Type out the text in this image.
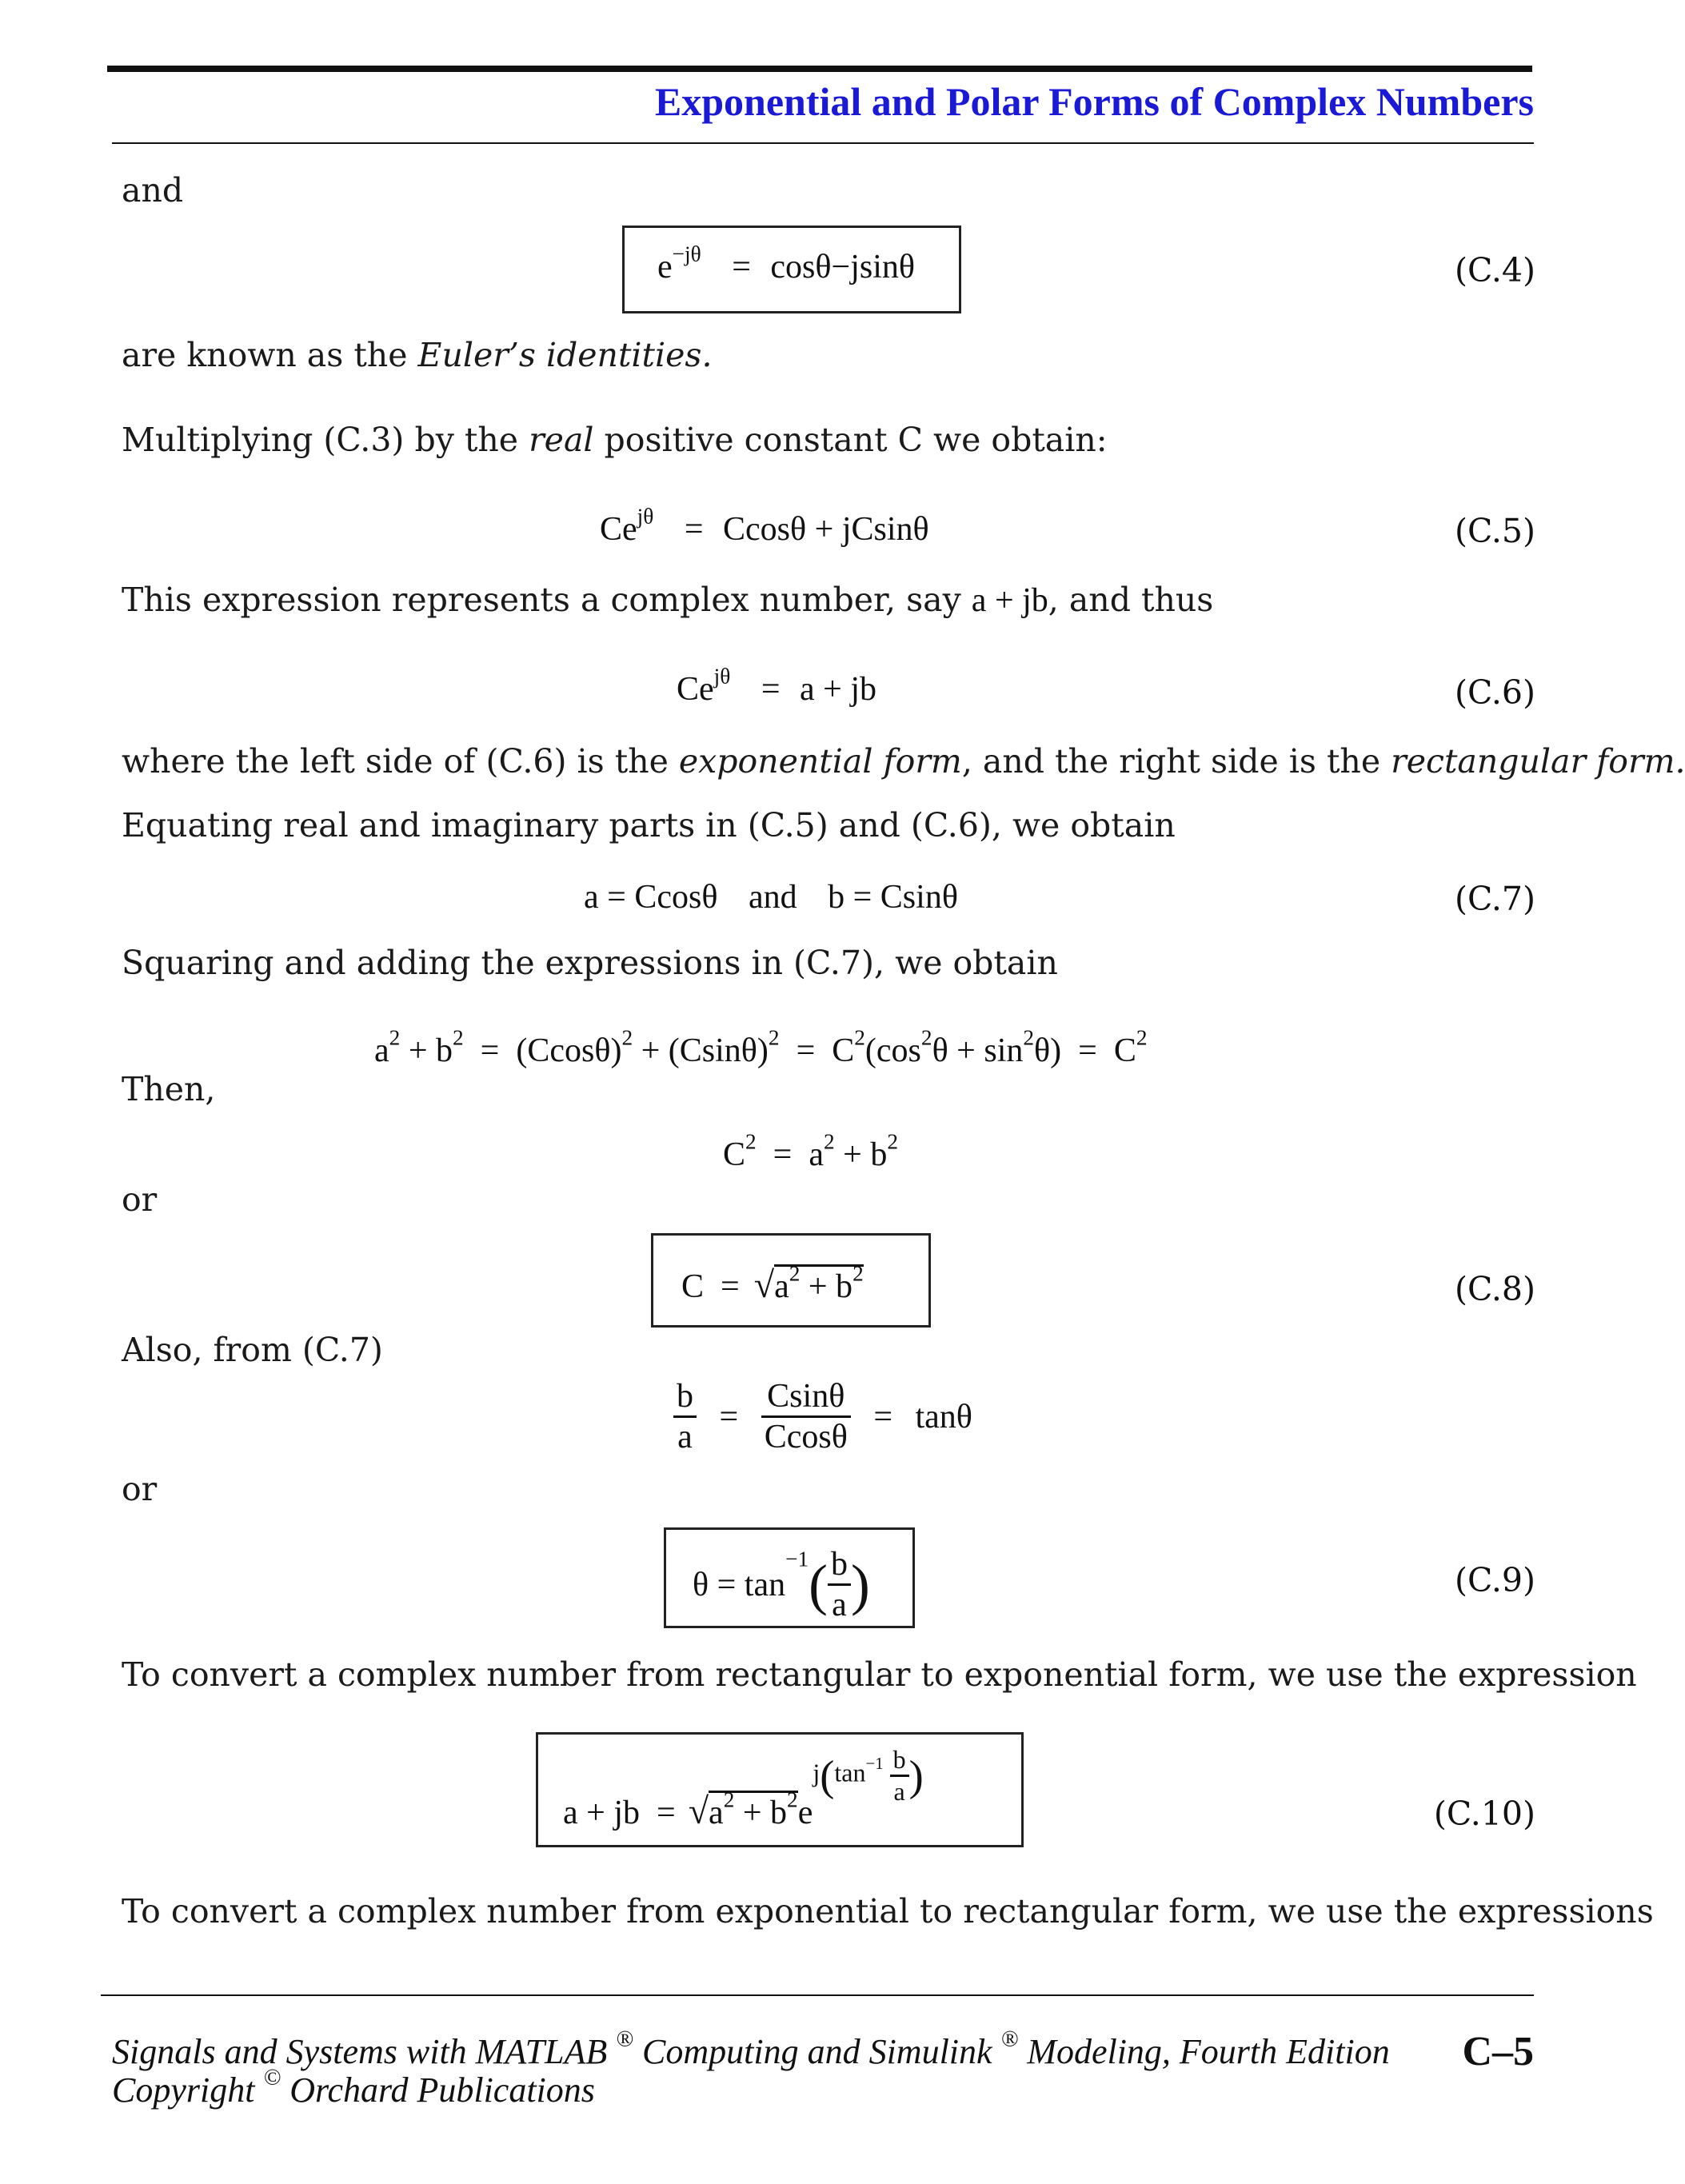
Exponential and Polar Forms of Complex Numbers
and
$e^{-j\theta} = \cos\theta-jsin\theta$	(C.4)
are known as the Euler’s identities.
Multiplying (C.3) by the real positive constant C we obtain:
$Ce^{j\theta} = Ccos\theta + jCsin\theta$	(C.5)
This expression represents a complex number, say a + jb, and thus
$Ce^{j\theta} = a$ + jb	(C.6)
where the left side of (C.6) is the exponential form, and the right side is the rectangular form.
Equating real and imaginary parts in (C.5) and (C.6), we obtain
a = Ccosθ and b = Csinθ	(C.7)
Squaring and adding the expressions in (C.7), we obtain
$a^2 + b^2 = (Ccos\theta)^2 + (Csin\theta)^2 = C^2(\cos^2\theta + \sin^2\theta) = C^2$
Then,
$C^2 = a^2 + b^2$
or
$C = √a^2 + b^2$	(C.8)
Also, from (C.7)
$\frac{b}{a} = \frac{Csin\theta}{Ccos\theta} = \tan\theta$
or
$\theta = \tan^{-1}( \frac{b}{a}$ )	(C.9)
To convert a complex number from rectangular to exponential form, we use the expression
a + jb  = $√a^2 + b^2ej(\tan^{-1} \frac{b}{a}$ )
(C.10)
To convert a complex number from exponential to rectangular form, we use the expressions
Signals and Systems with MATLAB ® Computing and Simulink ® Modeling, Fourth Edition
Copyright © Orchard Publications
C–5
